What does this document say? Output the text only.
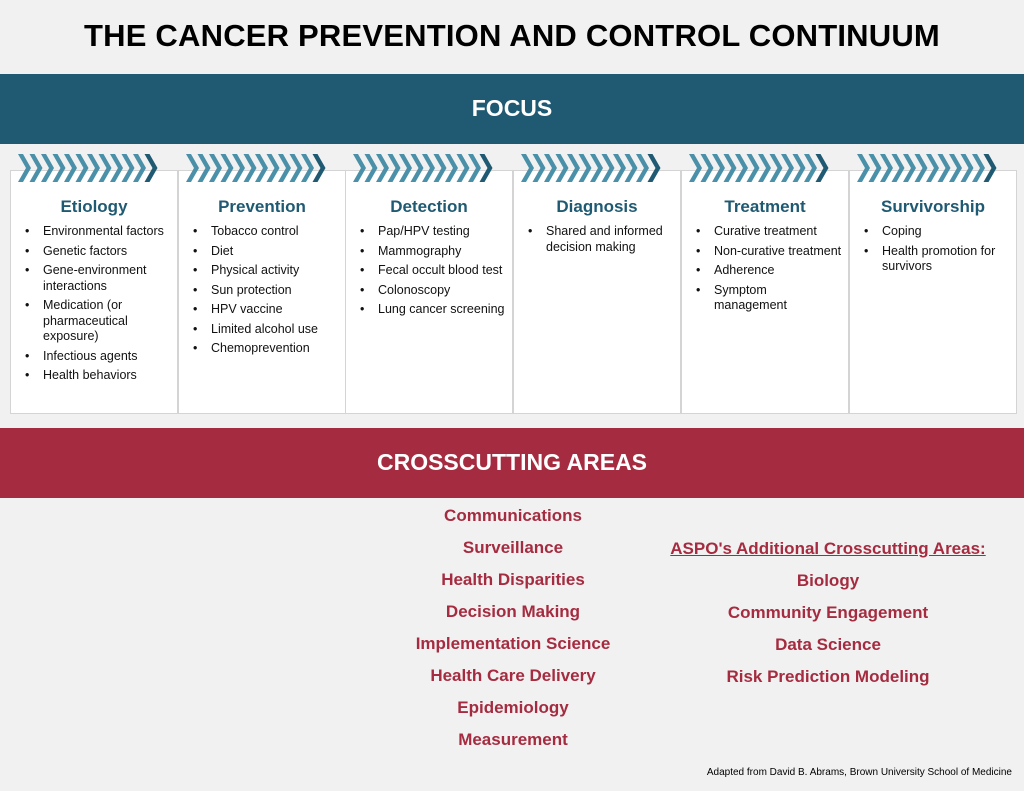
THE CANCER PREVENTION AND CONTROL CONTINUUM
FOCUS
Etiology
• Environmental factors
• Genetic factors
• Gene-environment interactions
• Medication (or pharmaceutical exposure)
• Infectious agents
• Health behaviors
Prevention
• Tobacco control
• Diet
• Physical activity
• Sun protection
• HPV vaccine
• Limited alcohol use
• Chemoprevention
Detection
• Pap/HPV testing
• Mammography
• Fecal occult blood test
• Colonoscopy
• Lung cancer screening
Diagnosis
• Shared and informed decision making
Treatment
• Curative treatment
• Non-curative treatment
• Adherence
• Symptom management
Survivorship
• Coping
• Health promotion for survivors
CROSSCUTTING AREAS
Communications
Surveillance
Health Disparities
Decision Making
Implementation Science
Health Care Delivery
Epidemiology
Measurement
ASPO's Additional Crosscutting Areas:
Biology
Community Engagement
Data Science
Risk Prediction Modeling
Adapted from David B. Abrams, Brown University School of Medicine
